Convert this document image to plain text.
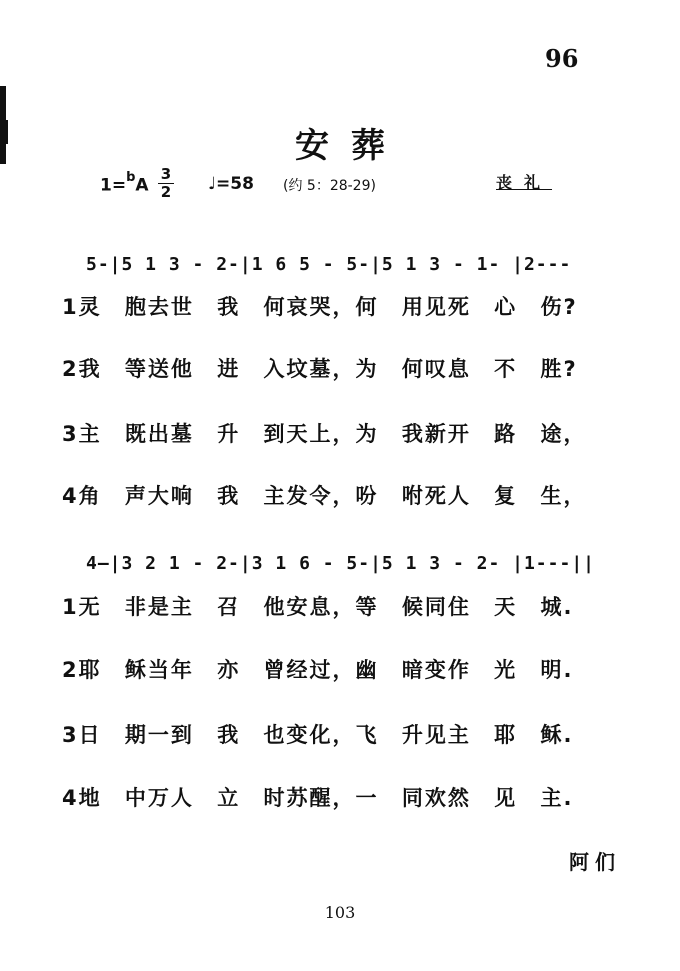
96
安葬
$1=^bA \frac{3}{2}$ ♩=58 (约 5：28-29)	丧礼
5-|5 1 3 - 2-|1 6 5 - 5-|5 1 3 - 1- |2---
1灵 胞去世 我 何哀哭，何 用见死 心 伤?
2我 等送他 进 入坟墓，为 何叹息 不 胜?
3主 既出墓 升 到天上，为 我新开 路 途，
4角 声大响 我 主发令，吩 咐死人 复 生，
4—|3 2 1 - 2-|3 1 6 - 5-|5 1 3 - 2- |1---||
1无 非是主 召 他安息，等 候同住 天 城.
2耶 稣当年 亦 曾经过，幽 暗变作 光 明.
3日 期一到 我 也变化，飞 升见主 耶 稣.
4地 中万人 立 时苏醒，一 同欢然 见 主.
阿们
103
